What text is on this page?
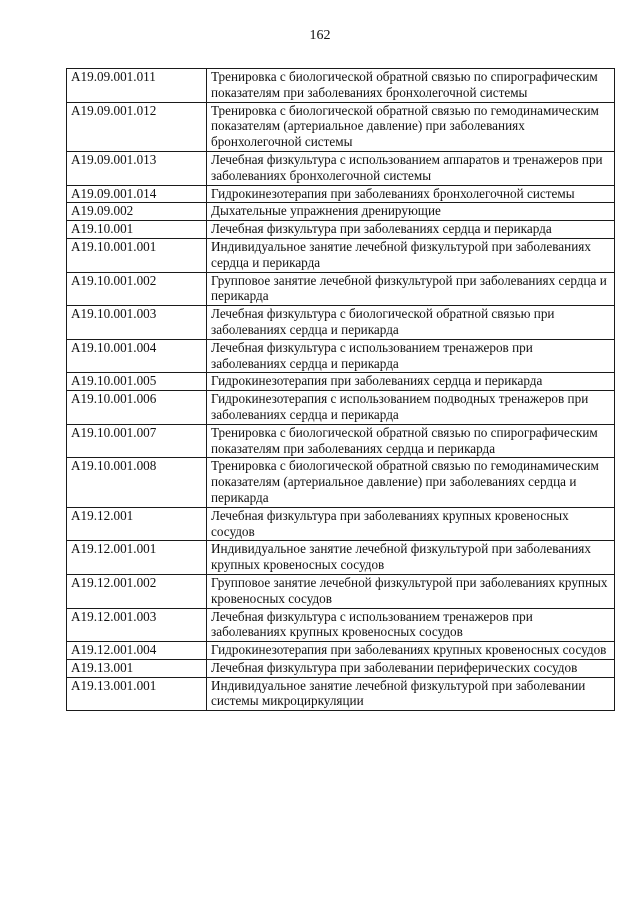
162
A19.09.001.011	Тренировка с биологической обратной связью по спирографическим показателям при заболеваниях бронхолегочной системы
A19.09.001.012	Тренировка с биологической обратной связью по гемодинамическим показателям (артериальное давление) при заболеваниях бронхолегочной системы
A19.09.001.013	Лечебная физкультура с использованием аппаратов и тренажеров при заболеваниях бронхолегочной системы
A19.09.001.014	Гидрокинезотерапия при заболеваниях бронхолегочной системы
A19.09.002	Дыхательные упражнения дренирующие
A19.10.001	Лечебная физкультура при заболеваниях сердца и перикарда
A19.10.001.001	Индивидуальное занятие лечебной физкультурой при заболеваниях сердца и перикарда
A19.10.001.002	Групповое занятие лечебной физкультурой при заболеваниях сердца и перикарда
A19.10.001.003	Лечебная физкультура с биологической обратной связью при заболеваниях сердца и перикарда
A19.10.001.004	Лечебная физкультура с использованием тренажеров при заболеваниях сердца и перикарда
A19.10.001.005	Гидрокинезотерапия при заболеваниях сердца и перикарда
A19.10.001.006	Гидрокинезотерапия с использованием подводных тренажеров при заболеваниях сердца и перикарда
A19.10.001.007	Тренировка с биологической обратной связью по спирографическим показателям при заболеваниях сердца и перикарда
A19.10.001.008	Тренировка с биологической обратной связью по гемодинамическим показателям (артериальное давление) при заболеваниях сердца и перикарда
A19.12.001	Лечебная физкультура при заболеваниях крупных кровеносных сосудов
A19.12.001.001	Индивидуальное занятие лечебной физкультурой при заболеваниях крупных кровеносных сосудов
A19.12.001.002	Групповое занятие лечебной физкультурой при заболеваниях крупных кровеносных сосудов
A19.12.001.003	Лечебная физкультура с использованием тренажеров при заболеваниях крупных кровеносных сосудов
A19.12.001.004	Гидрокинезотерапия при заболеваниях крупных кровеносных сосудов
A19.13.001	Лечебная физкультура при заболевании периферических сосудов
A19.13.001.001	Индивидуальное занятие лечебной физкультурой при заболевании системы микроциркуляции
